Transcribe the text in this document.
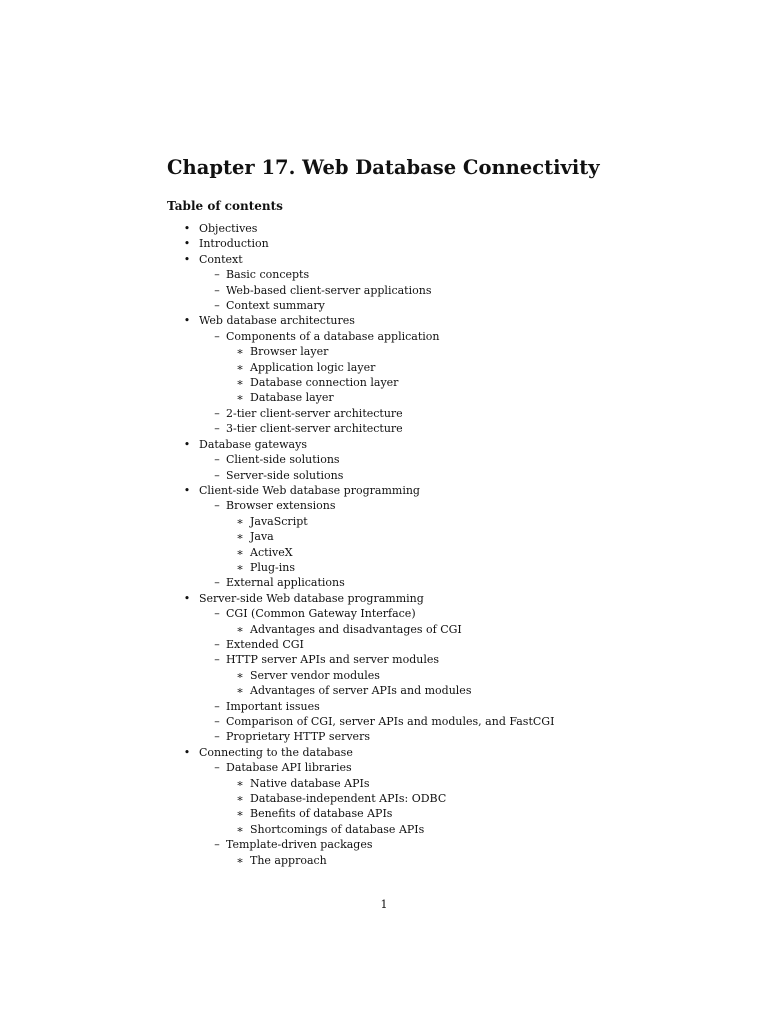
Chapter 17. Web Database Connectivity
Table of contents
• Objectives
• Introduction
• Context
– Basic concepts
– Web-based client-server applications
– Context summary
• Web database architectures
– Components of a database application
∗ Browser layer
∗ Application logic layer
∗ Database connection layer
∗ Database layer
– 2-tier client-server architecture
– 3-tier client-server architecture
• Database gateways
– Client-side solutions
– Server-side solutions
• Client-side Web database programming
– Browser extensions
∗ JavaScript
∗ Java
∗ ActiveX
∗ Plug-ins
– External applications
• Server-side Web database programming
– CGI (Common Gateway Interface)
∗ Advantages and disadvantages of CGI
– Extended CGI
– HTTP server APIs and server modules
∗ Server vendor modules
∗ Advantages of server APIs and modules
– Important issues
– Comparison of CGI, server APIs and modules, and FastCGI
– Proprietary HTTP servers
• Connecting to the database
– Database API libraries
∗ Native database APIs
∗ Database-independent APIs: ODBC
∗ Benefits of database APIs
∗ Shortcomings of database APIs
– Template-driven packages
∗ The approach

1
